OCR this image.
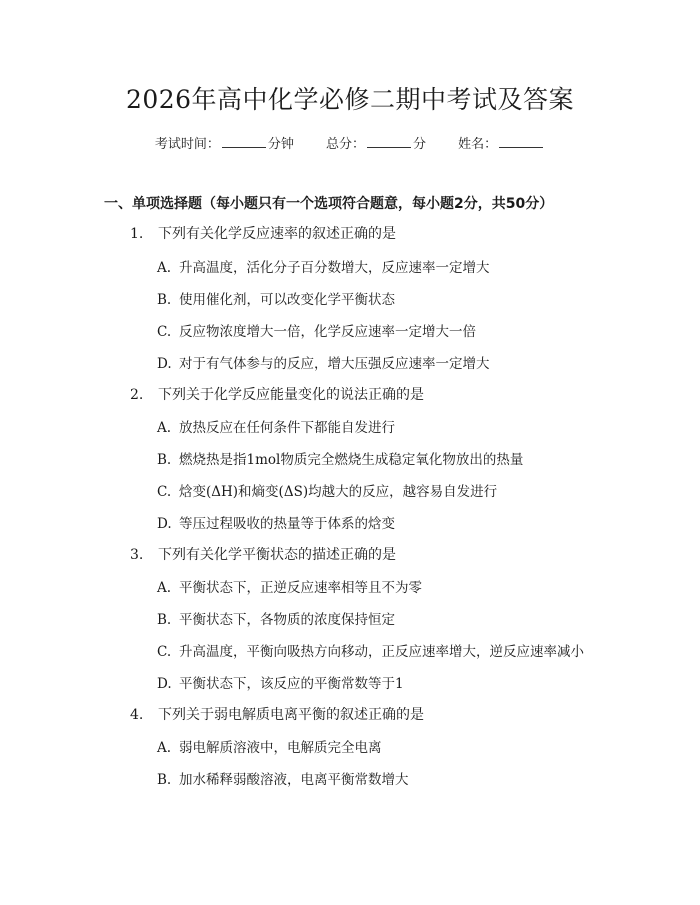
2026年高中化学必修二期中考试及答案
考试时间：	分钟 总分：	分 姓名：
一、单项选择题（每小题只有一个选项符合题意，每小题2分，共50分）
1. 下列有关化学反应速率的叙述正确的是
A. 升高温度，活化分子百分数增大，反应速率一定增大
B. 使用催化剂，可以改变化学平衡状态
C. 反应物浓度增大一倍，化学反应速率一定增大一倍
D. 对于有气体参与的反应，增大压强反应速率一定增大
2. 下列关于化学反应能量变化的说法正确的是
A. 放热反应在任何条件下都能自发进行
B. 燃烧热是指1mol物质完全燃烧生成稳定氧化物放出的热量
C. 焓变(ΔH)和熵变(ΔS)均越大的反应，越容易自发进行
D. 等压过程吸收的热量等于体系的焓变
3. 下列有关化学平衡状态的描述正确的是
A. 平衡状态下，正逆反应速率相等且不为零
B. 平衡状态下，各物质的浓度保持恒定
C. 升高温度，平衡向吸热方向移动，正反应速率增大，逆反应速率减小
D. 平衡状态下，该反应的平衡常数等于1
4. 下列关于弱电解质电离平衡的叙述正确的是
A. 弱电解质溶液中，电解质完全电离
B. 加水稀释弱酸溶液，电离平衡常数增大
